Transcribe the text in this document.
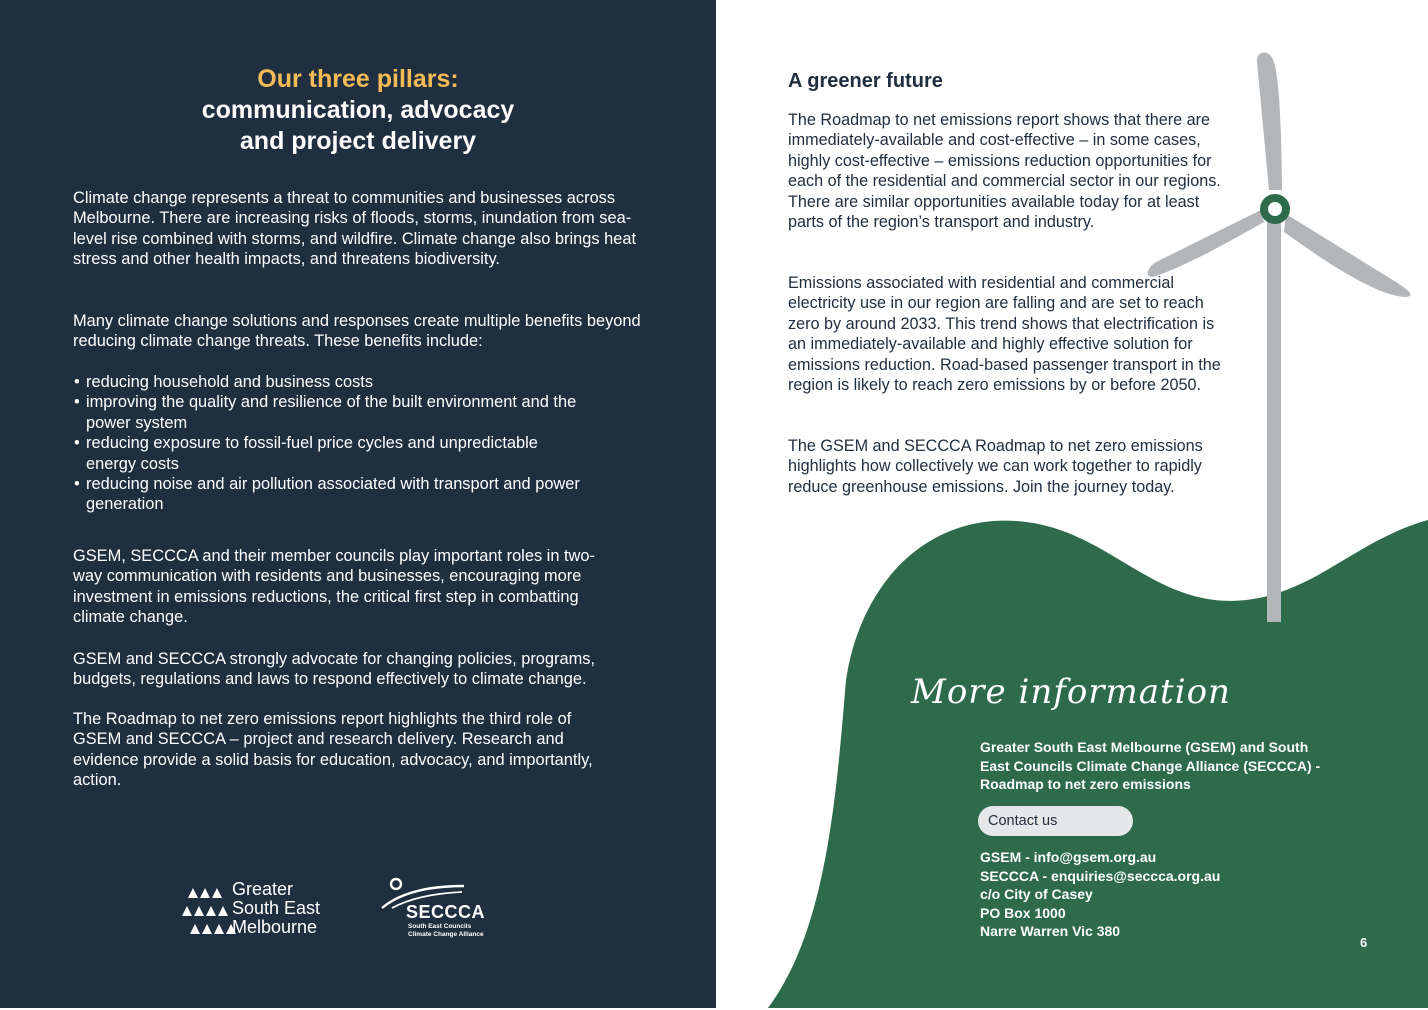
Our three pillars:
communication, advocacy
and project delivery

Climate change represents a threat to communities and businesses across Melbourne. There are increasing risks of floods, storms, inundation from sea-level rise combined with storms, and wildfire. Climate change also brings heat stress and other health impacts, and threatens biodiversity.

Many climate change solutions and responses create multiple benefits beyond reducing climate change threats. These benefits include:

• reducing household and business costs
• improving the quality and resilience of the built environment and the power system
• reducing exposure to fossil-fuel price cycles and unpredictable energy costs
• reducing noise and air pollution associated with transport and power generation

GSEM, SECCCA and their member councils play important roles in two-way communication with residents and businesses, encouraging more investment in emissions reductions, the critical first step in combatting climate change.

GSEM and SECCCA strongly advocate for changing policies, programs, budgets, regulations and laws to respond effectively to climate change.

The Roadmap to net zero emissions report highlights the third role of GSEM and SECCCA – project and research delivery. Research and evidence provide a solid basis for education, advocacy, and importantly, action.

Greater
South East
Melbourne
SECCCA
South East Councils
Climate Change Alliance
A greener future

The Roadmap to net emissions report shows that there are immediately-available and cost-effective – in some cases, highly cost-effective – emissions reduction opportunities for each of the residential and commercial sector in our regions. There are similar opportunities available today for at least parts of the region’s transport and industry.

Emissions associated with residential and commercial electricity use in our region are falling and are set to reach zero by around 2033. This trend shows that electrification is an immediately-available and highly effective solution for emissions reduction. Road-based passenger transport in the region is likely to reach zero emissions by or before 2050.

The GSEM and SECCCA Roadmap to net zero emissions highlights how collectively we can work together to rapidly reduce greenhouse emissions. Join the journey today.

More information
Greater South East Melbourne (GSEM) and South East Councils Climate Change Alliance (SECCCA) - Roadmap to net zero emissions
Contact us
GSEM - info@gsem.org.au
SECCCA - enquiries@seccca.org.au
c/o City of Casey
PO Box 1000
Narre Warren Vic 380
6
